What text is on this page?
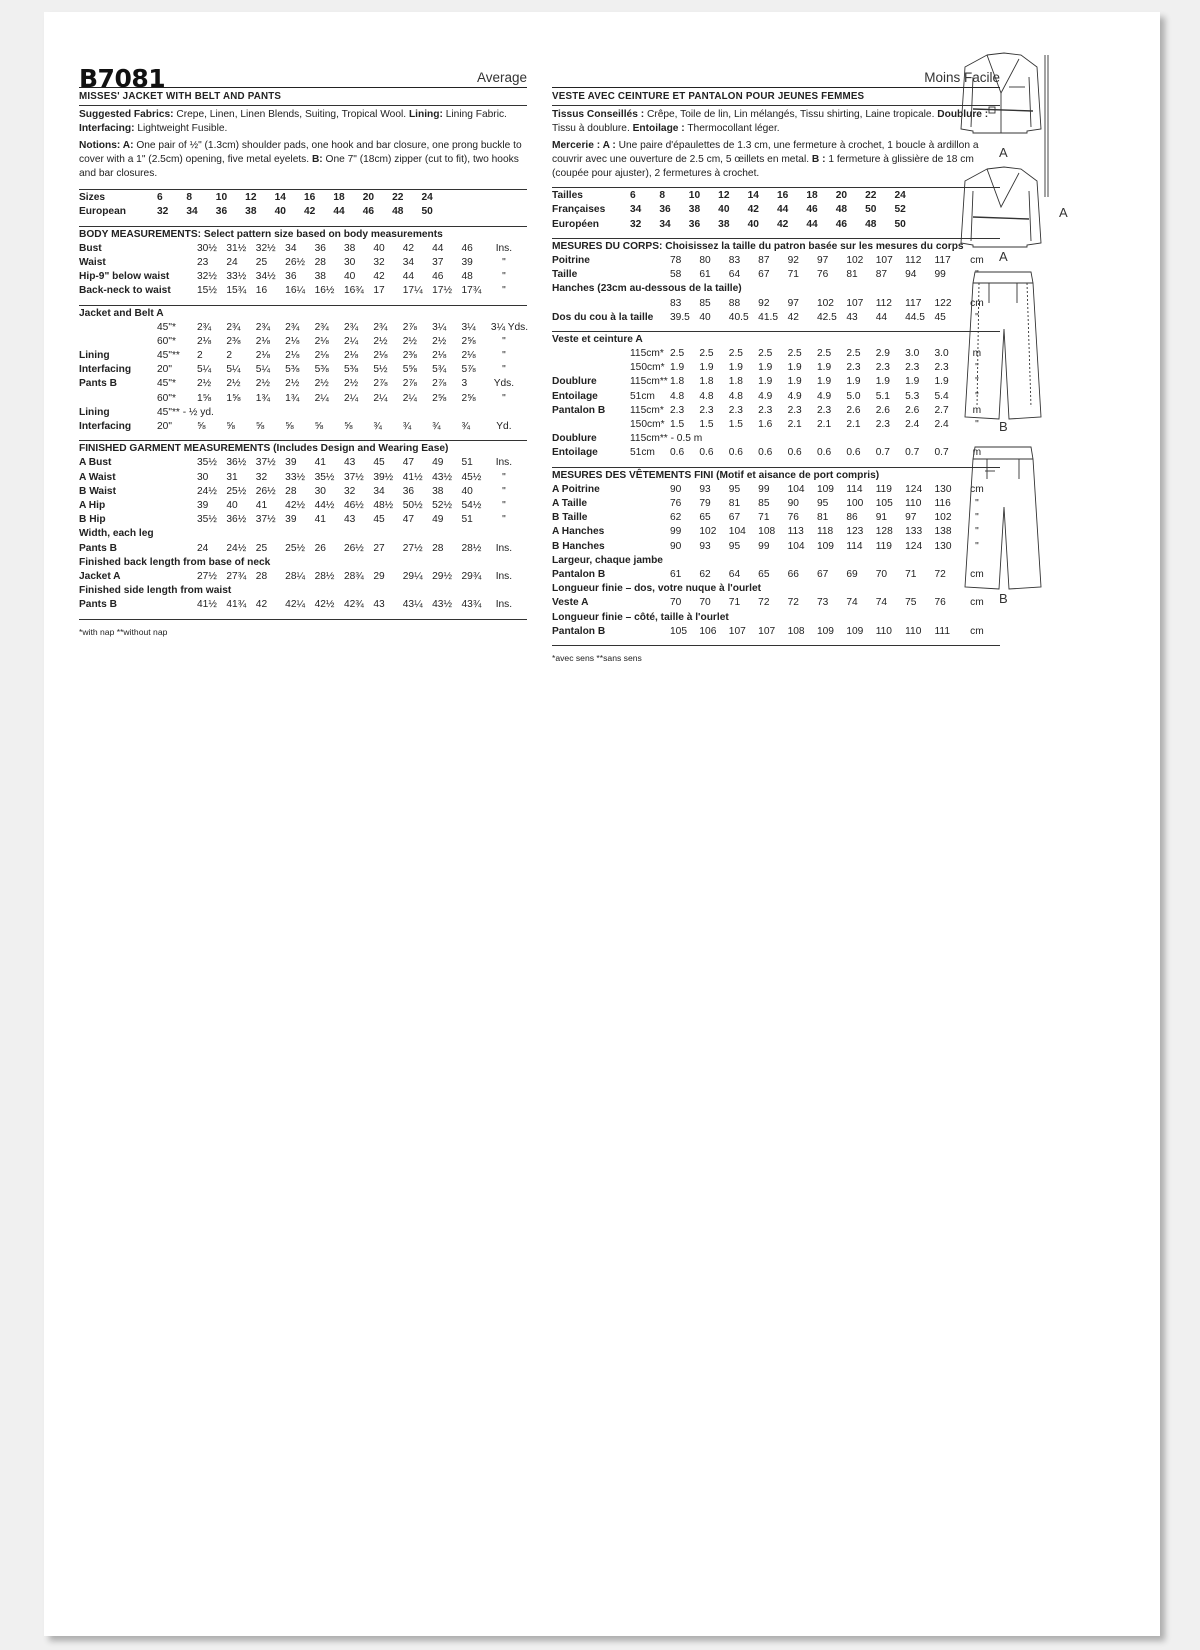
B7081	Average
MISSES' JACKET WITH BELT AND PANTS
Suggested Fabrics: Crepe, Linen, Linen Blends, Suiting, Tropical Wool. Lining: Lining Fabric. Interfacing: Lightweight Fusible.
Notions: A: One pair of ½" (1.3cm) shoulder pads, one hook and bar closure, one prong buckle to cover with a 1" (2.5cm) opening, five metal eyelets. B: One 7" (18cm) zipper (cut to fit), two hooks and bar closures.
Sizes	6	8	10	12	14	16	18	20	22	24
European	32	34	36	38	40	42	44	46	48	50
BODY MEASUREMENTS: Select pattern size based on body measurements
Bust	30½ 31½ 32½ 34	36	38	40	42	44	46	Ins.
Waist	23	24	25	26½ 28	30	32	34	37	39	"
Hip-9" below waist	32½ 33½ 34½ 36	38	40	42	44	46	48	"
Back-neck to waist	15½ 15¾ 16	16¼ 16½ 16¾ 17	17¼ 17½ 17¾	"
Jacket and Belt A
45"*	2¾	2¾	2¾	2¾	2¾	2¾	2¾	2⅞	3¼	3¼	3¼ Yds.
60"*	2⅛	2⅜	2⅛	2⅛	2⅛	2¼	2½	2½	2½	2⅝	"
Lining	45"**	2	2	2⅛	2⅛	2⅛	2⅛	2⅛	2⅜	2⅛	2⅛	"
Interfacing	20"	5¼	5¼	5¼	5⅜	5⅜	5⅜	5½	5⅝	5¾	5⅞	"
Pants B	45"*	2½	2½	2½	2½	2½	2½	2⅞	2⅞	2⅞	3	Yds.
60"*	1⅝	1⅝	1¾	1¾	2¼	2¼	2¼	2¼	2⅝	2⅝	"
Lining	45"** - ½ yd.
Interfacing	20"	⅝	⅝	⅝	⅝	⅝	⅝	¾	¾	¾	¾	Yd.
FINISHED GARMENT MEASUREMENTS (Includes Design and Wearing Ease)
A Bust	35½ 36½ 37½ 39	41	43	45	47	49	51	Ins.
A Waist	30	31	32	33½ 35½ 37½ 39½ 41½ 43½ 45½	"
B Waist	24½ 25½ 26½ 28	30	32	34	36	38	40	"
A Hip	39	40	41	42½ 44½ 46½ 48½ 50½ 52½ 54½	"
B Hip	35½ 36½ 37½ 39	41	43	45	47	49	51	"
Width, each leg
Pants B	24	24½ 25	25½ 26	26½ 27	27½ 28	28½	Ins.
Finished back length from base of neck
Jacket A	27½ 27¾ 28	28¼ 28½ 28¾ 29	29¼ 29½ 29¾	Ins.
Finished side length from waist
Pants B	41½ 41¾ 42	42¼ 42½ 42¾ 43	43¼ 43½ 43¾	Ins.
*with nap **without nap
Moins Facile
VESTE AVEC CEINTURE ET PANTALON POUR JEUNES FEMMES
Tissus Conseillés : Crêpe, Toile de lin, Lin mélangés, Tissu shirting, Laine tropicale. Doublure : Tissu à doublure. Entoilage : Thermocollant léger.
Mercerie : A : Une paire d'épaulettes de 1.3 cm, une fermeture à crochet, 1 boucle à ardillon a couvrir avec une ouverture de 2.5 cm, 5 œillets en metal. B : 1 fermeture à glissière de 18 cm (coupée pour ajuster), 2 fermetures à crochet.
Tailles	6	8	10	12	14	16	18	20	22	24
Françaises	34	36	38	40	42	44	46	48	50	52
Européen	32	34	36	38	40	42	44	46	48	50
MESURES DU CORPS: Choisissez la taille du patron basée sur les mesures du corps
Poitrine	78	80	83	87	92	97	102	107	112	117	cm
Taille	58	61	64	67	71	76	81	87	94	99	"
Hanches (23cm au-dessous de la taille)
83	85	88	92	97	102	107	112	117	122	cm
Dos du cou à la taille	39.5 40	40.5 41.5 42	42.5 43	44	44.5 45	"
Veste et ceinture A
115cm* 2.5	2.5	2.5	2.5	2.5	2.5	2.5	2.9	3.0	3.0	m
150cm* 1.9	1.9	1.9	1.9	1.9	1.9	2.3	2.3	2.3	2.3	"
Doublure	115cm** 1.8	1.8	1.8	1.9	1.9	1.9	1.9	1.9	1.9	1.9	"
Entoilage	51cm	4.8	4.8	4.8	4.9	4.9	4.9	5.0	5.1	5.3	5.4	"
Pantalon B	115cm* 2.3	2.3	2.3	2.3	2.3	2.3	2.6	2.6	2.6	2.7	m
150cm* 1.5	1.5	1.5	1.6	2.1	2.1	2.1	2.3	2.4	2.4	"
Doublure	115cm** - 0.5 m
Entoilage	51cm	0.6	0.6	0.6	0.6	0.6	0.6	0.6	0.7	0.7	0.7	m
MESURES DES VÊTEMENTS FINI (Motif et aisance de port compris)
A Poitrine	90	93	95	99	104	109	114	119	124	130	cm
A Taille	76	79	81	85	90	95	100	105	110	116	"
B Taille	62	65	67	71	76	81	86	91	97	102	"
A Hanches	99	102	104	108	113	118	123	128	133	138	"
B Hanches	90	93	95	99	104	109	114	119	124	130	"
Largeur, chaque jambe
Pantalon B	61	62	64	65	66	67	69	70	71	72	cm
Longueur finie – dos, votre nuque à l'ourlet
Veste A	70	70	71	72	72	73	74	74	75	76	cm
Longueur finie – côté, taille à l'ourlet
Pantalon B	105	106	107	107	108	109	109	110	110	111	cm
*avec sens **sans sens
A
A
A
B
B
